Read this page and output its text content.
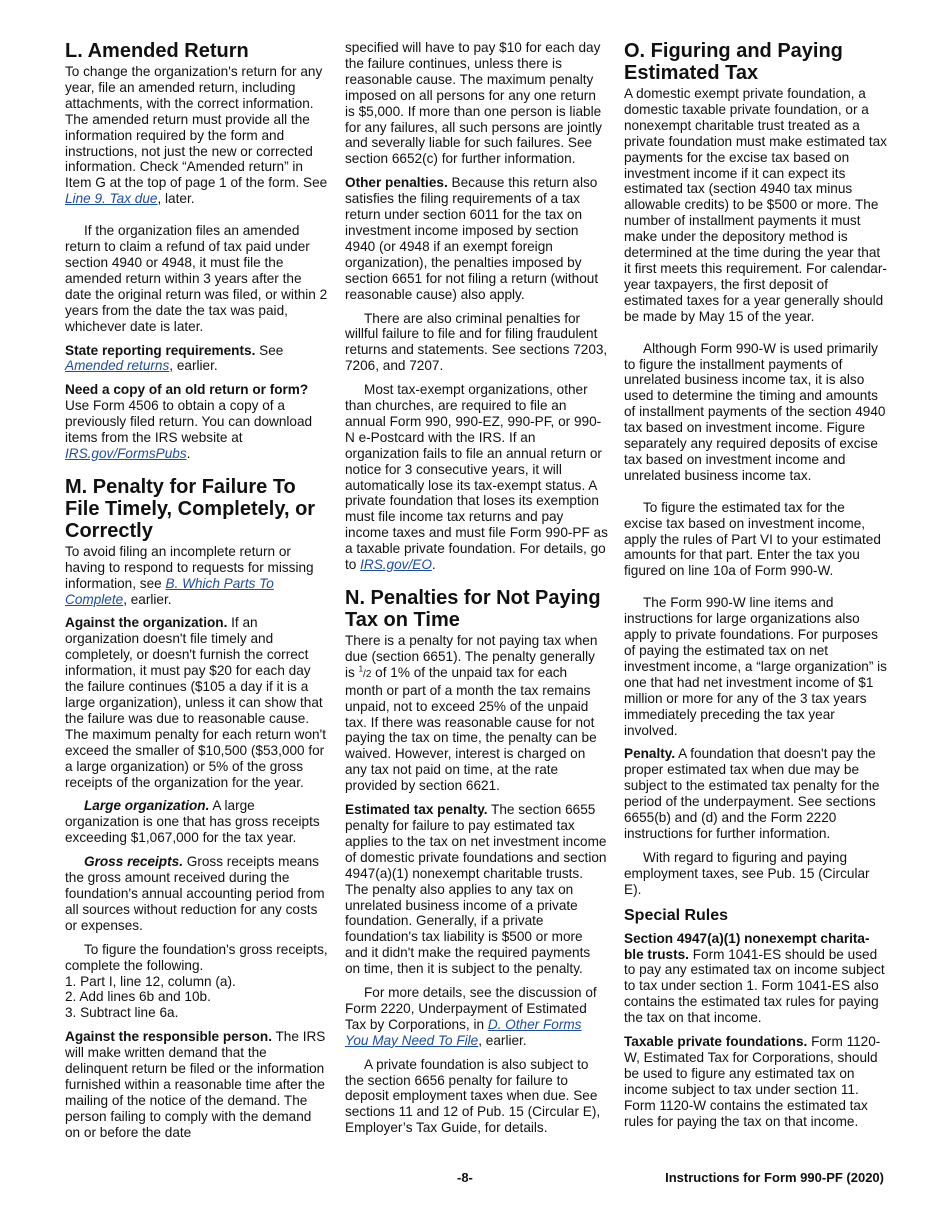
L. Amended Return

To change the organization's return for any year, file an amended return, including attachments, with the correct information. The amended return must provide all the information required by the form and instructions, not just the new or corrected information. Check “Amended return” in Item G at the top of page 1 of the form. See Line 9. Tax due, later.

If the organization files an amended return to claim a refund of tax paid under section 4940 or 4948, it must file the amended return within 3 years after the date the original return was filed, or within 2 years from the date the tax was paid, whichever date is later.

State reporting requirements. See Amended returns, earlier.

Need a copy of an old return or form? Use Form 4506 to obtain a copy of a previously filed return. You can download items from the IRS website at IRS.gov/FormsPubs.

M. Penalty for Failure To File Timely, Completely, or Correctly

To avoid filing an incomplete return or having to respond to requests for missing information, see B. Which Parts To Complete, earlier.

Against the organization. If an organization doesn't file timely and completely, or doesn't furnish the correct information, it must pay $20 for each day the failure continues ($105 a day if it is a large organization), unless it can show that the failure was due to reasonable cause. The maximum penalty for each return won't exceed the smaller of $10,500 ($53,000 for a large organization) or 5% of the gross receipts of the organization for the year.

Large organization. A large organization is one that has gross receipts exceeding $1,067,000 for the tax year.

Gross receipts. Gross receipts means the gross amount received during the foundation's annual accounting period from all sources without reduction for any costs or expenses.

To figure the foundation's gross receipts, complete the following.

1. Part I, line 12, column (a).
2. Add lines 6b and 10b.
3. Subtract line 6a.

Against the responsible person. The IRS will make written demand that the delinquent return be filed or the information furnished within a reasonable time after the mailing of the notice of the demand. The person failing to comply with the demand on or before the date

specified will have to pay $10 for each day the failure continues, unless there is reasonable cause. The maximum penalty imposed on all persons for any one return is $5,000. If more than one person is liable for any failures, all such persons are jointly and severally liable for such failures. See section 6652(c) for further information.

Other penalties. Because this return also satisfies the filing requirements of a tax return under section 6011 for the tax on investment income imposed by section 4940 (or 4948 if an exempt foreign organization), the penalties imposed by section 6651 for not filing a return (without reasonable cause) also apply.

There are also criminal penalties for willful failure to file and for filing fraudulent returns and statements. See sections 7203, 7206, and 7207.

Most tax-exempt organizations, other than churches, are required to file an annual Form 990, 990-EZ, 990-PF, or 990-N e-Postcard with the IRS. If an organization fails to file an annual return or notice for 3 consecutive years, it will automatically lose its tax-exempt status. A private foundation that loses its exemption must file income tax returns and pay income taxes and must file Form 990-PF as a taxable private foundation. For details, go to IRS.gov/EO.

N. Penalties for Not Paying Tax on Time

There is a penalty for not paying tax when due (section 6651). The penalty generally is $^1$/2 of 1% of the unpaid tax for each month or part of a month the tax remains unpaid, not to exceed 25% of the unpaid tax. If there was reasonable cause for not paying the tax on time, the penalty can be waived. However, interest is charged on any tax not paid on time, at the rate provided by section 6621.

Estimated tax penalty. The section 6655 penalty for failure to pay estimated tax applies to the tax on net investment income of domestic private foundations and section 4947(a)(1) nonexempt charitable trusts. The penalty also applies to any tax on unrelated business income of a private foundation. Generally, if a private foundation's tax liability is $500 or more and it didn't make the required payments on time, then it is subject to the penalty.

For more details, see the discussion of Form 2220, Underpayment of Estimated Tax by Corporations, in D. Other Forms You May Need To File, earlier.

A private foundation is also subject to the section 6656 penalty for failure to deposit employment taxes when due. See sections 11 and 12 of Pub. 15 (Circular E), Employer’s Tax Guide, for details.

O. Figuring and Paying Estimated Tax

A domestic exempt private foundation, a domestic taxable private foundation, or a nonexempt charitable trust treated as a private foundation must make estimated tax payments for the excise tax based on investment income if it can expect its estimated tax (section 4940 tax minus allowable credits) to be $500 or more. The number of installment payments it must make under the depository method is determined at the time during the year that it first meets this requirement. For calendar-year taxpayers, the first deposit of estimated taxes for a year generally should be made by May 15 of the year.

Although Form 990-W is used primarily to figure the installment payments of unrelated business income tax, it is also used to determine the timing and amounts of installment payments of the section 4940 tax based on investment income. Figure separately any required deposits of excise tax based on investment income and unrelated business income tax.

To figure the estimated tax for the excise tax based on investment income, apply the rules of Part VI to your estimated amounts for that part. Enter the tax you figured on line 10a of Form 990-W.

The Form 990-W line items and instructions for large organizations also apply to private foundations. For purposes of paying the estimated tax on net investment income, a “large organization” is one that had net investment income of $1 million or more for any of the 3 tax years immediately preceding the tax year involved.

Penalty. A foundation that doesn't pay the proper estimated tax when due may be subject to the estimated tax penalty for the period of the underpayment. See sections 6655(b) and (d) and the Form 2220 instructions for further information.

With regard to figuring and paying employment taxes, see Pub. 15 (Circular E).

Special Rules

Section 4947(a)(1) nonexempt charita-ble trusts. Form 1041-ES should be used to pay any estimated tax on income subject to tax under section 1. Form 1041-ES also contains the estimated tax rules for paying the tax on that income.

Taxable private foundations. Form 1120-W, Estimated Tax for Corporations, should be used to figure any estimated tax on income subject to tax under section 11. Form 1120-W contains the estimated tax rules for paying the tax on that income.

-8-	Instructions for Form 990-PF (2020)
